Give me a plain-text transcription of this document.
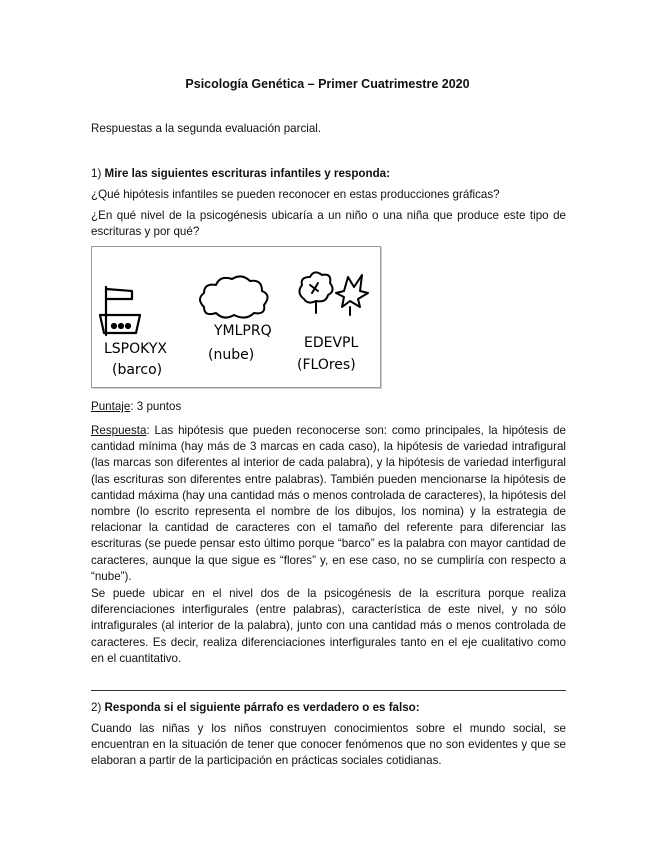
Psicología Genética – Primer Cuatrimestre 2020
Respuestas a la segunda evaluación parcial.
1) Mire las siguientes escrituras infantiles y responda:
¿Qué hipótesis infantiles se pueden reconocer en estas producciones gráficas?
¿En qué nivel de la psicogénesis ubicaría a un niño o una niña que produce este tipo de escrituras y por qué?
LSPOKYX
(barco)
YMLPRQ
(nube)
EDEVPL
(FLOres)
Puntaje: 3 puntos
Respuesta: Las hipótesis que pueden reconocerse son: como principales, la hipótesis de cantidad mínima (hay más de 3 marcas en cada caso), la hipótesis de variedad intrafigural (las marcas son diferentes al interior de cada palabra), y la hipótesis de variedad interfigural (las escrituras son diferentes entre palabras). También pueden mencionarse la hipótesis de cantidad máxima (hay una cantidad más o menos controlada de caracteres), la hipótesis del nombre (lo escrito representa el nombre de los dibujos, los nomina) y la estrategia de relacionar la cantidad de caracteres con el tamaño del referente para diferenciar las escrituras (se puede pensar esto último porque “barco” es la palabra con mayor cantidad de caracteres, aunque la que sigue es “flores” y, en ese caso, no se cumpliría con respecto a “nube”).
Se puede ubicar en el nivel dos de la psicogénesis de la escritura porque realiza diferenciaciones interfigurales (entre palabras), característica de este nivel, y no sólo intrafigurales (al interior de la palabra), junto con una cantidad más o menos controlada de caracteres. Es decir, realiza diferenciaciones interfigurales tanto en el eje cualitativo como en el cuantitativo.
2) Responda si el siguiente párrafo es verdadero o es falso:
Cuando las niñas y los niños construyen conocimientos sobre el mundo social, se encuentran en la situación de tener que conocer fenómenos que no son evidentes y que se elaboran a partir de la participación en prácticas sociales cotidianas.
